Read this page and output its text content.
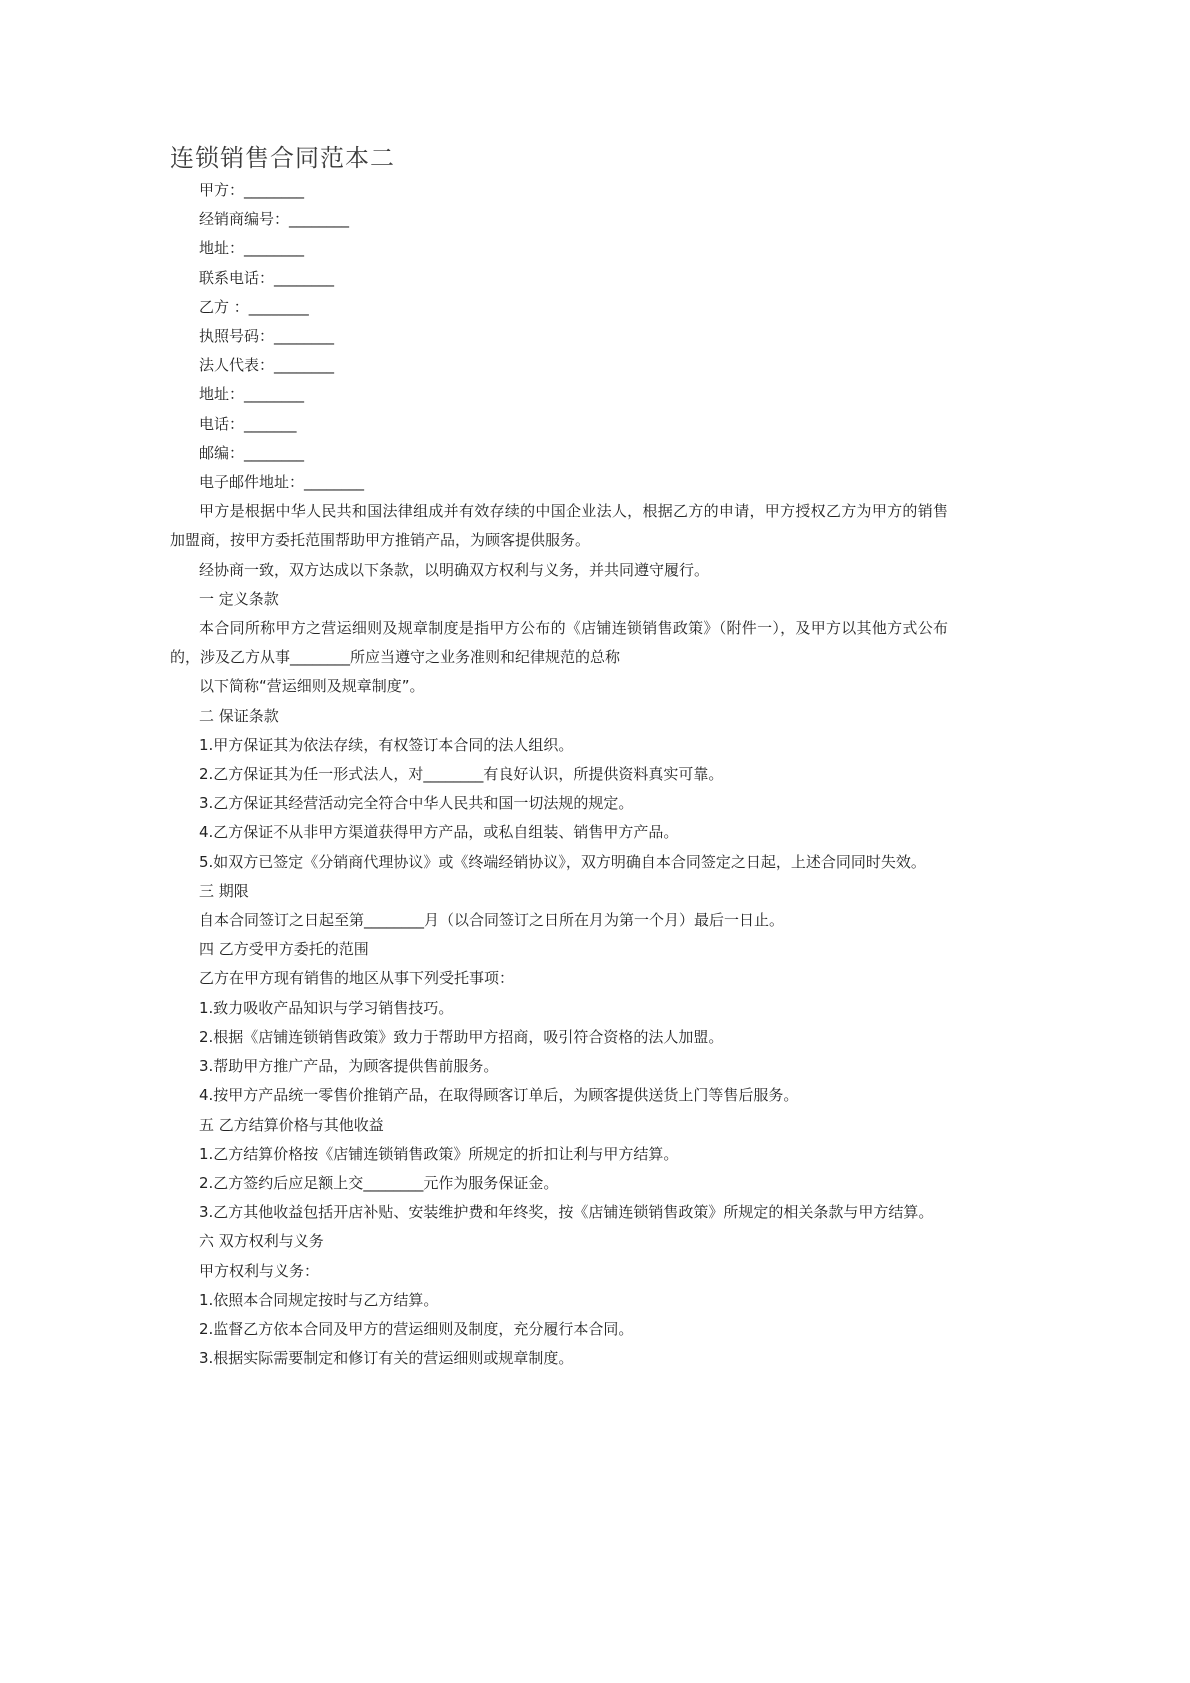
连锁销售合同范本二

甲方：________

经销商编号：________

地址：________

联系电话：________

乙方 ：________

执照号码：________

法人代表：________

地址：________

电话：_______

邮编：________

电子邮件地址：________

甲方是根据中华人民共和国法律组成并有效存续的中国企业法人，根据乙方的申请，甲方授权乙方为甲方的销售加盟商，按甲方委托范围帮助甲方推销产品，为顾客提供服务。

经协商一致，双方达成以下条款，以明确双方权利与义务，并共同遵守履行。

一 定义条款

本合同所称甲方之营运细则及规章制度是指甲方公布的《店铺连锁销售政策》（附件一），及甲方以其他方式公布的，涉及乙方从事________所应当遵守之业务准则和纪律规范的总称

以下简称“营运细则及规章制度”。

二 保证条款

1.甲方保证其为依法存续，有权签订本合同的法人组织。

2.乙方保证其为任一形式法人，对________有良好认识，所提供资料真实可靠。

3.乙方保证其经营活动完全符合中华人民共和国一切法规的规定。

4.乙方保证不从非甲方渠道获得甲方产品，或私自组装、销售甲方产品。

5.如双方已签定《分销商代理协议》或《终端经销协议》，双方明确自本合同签定之日起，上述合同同时失效。

三 期限

自本合同签订之日起至第________月（以合同签订之日所在月为第一个月）最后一日止。

四 乙方受甲方委托的范围

乙方在甲方现有销售的地区从事下列受托事项：

1.致力吸收产品知识与学习销售技巧。

2.根据《店铺连锁销售政策》致力于帮助甲方招商，吸引符合资格的法人加盟。

3.帮助甲方推广产品，为顾客提供售前服务。

4.按甲方产品统一零售价推销产品，在取得顾客订单后，为顾客提供送货上门等售后服务。

五 乙方结算价格与其他收益

1.乙方结算价格按《店铺连锁销售政策》所规定的折扣让利与甲方结算。

2.乙方签约后应足额上交________元作为服务保证金。

3.乙方其他收益包括开店补贴、安装维护费和年终奖，按《店铺连锁销售政策》所规定的相关条款与甲方结算。

六 双方权利与义务

甲方权利与义务：

1.依照本合同规定按时与乙方结算。

2.监督乙方依本合同及甲方的营运细则及制度，充分履行本合同。

3.根据实际需要制定和修订有关的营运细则或规章制度。
